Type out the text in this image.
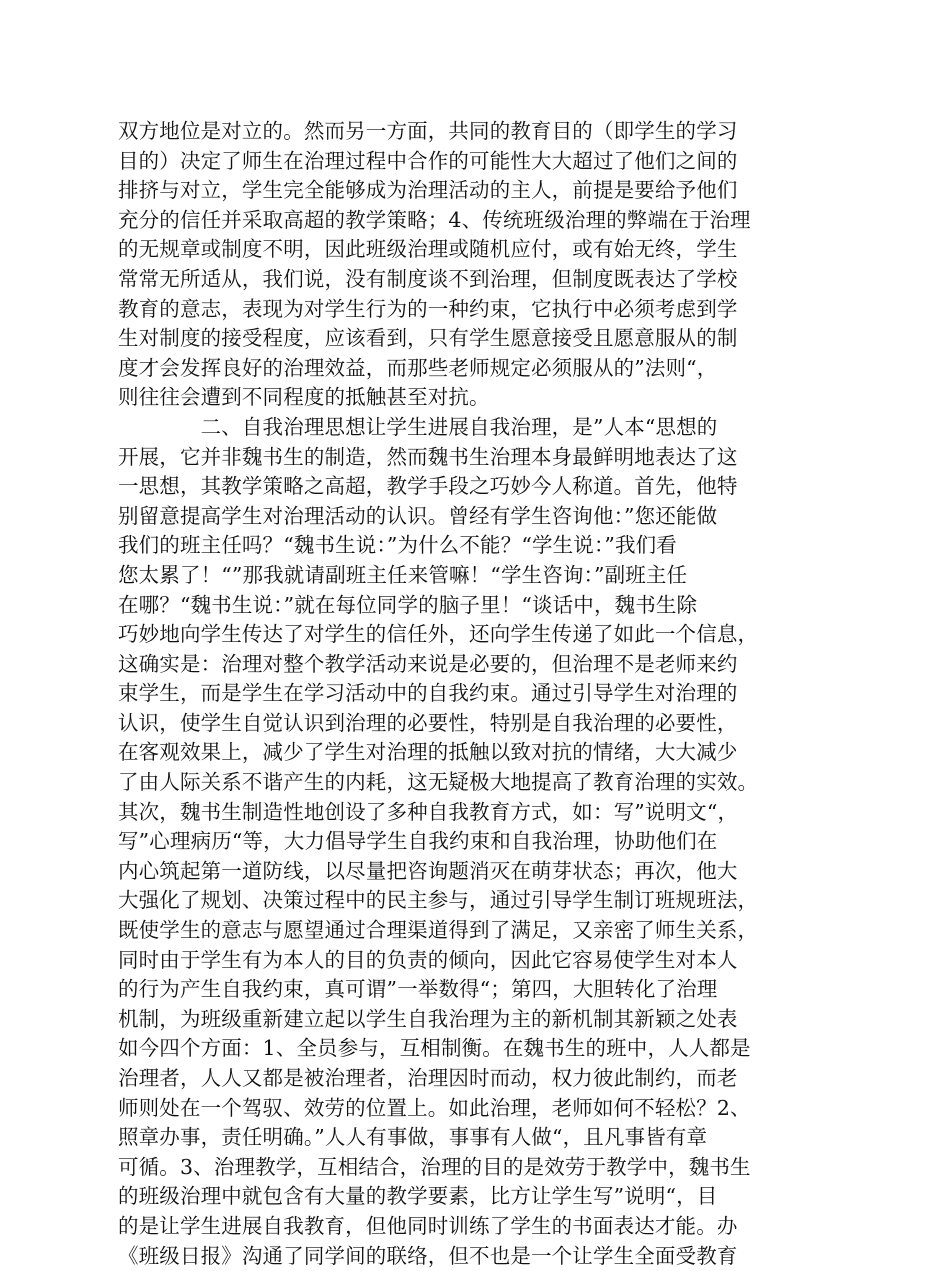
双方地位是对立的。然而另一方面，共同的教育目的（即学生的学习
目的）决定了师生在治理过程中合作的可能性大大超过了他们之间的
排挤与对立，学生完全能够成为治理活动的主人，前提是要给予他们
充分的信任并采取高超的教学策略；4、传统班级治理的弊端在于治理
的无规章或制度不明，因此班级治理或随机应付，或有始无终，学生
常常无所适从，我们说，没有制度谈不到治理，但制度既表达了学校
教育的意志，表现为对学生行为的一种约束，它执行中必须考虑到学
生对制度的接受程度，应该看到，只有学生愿意接受且愿意服从的制
度才会发挥良好的治理效益，而那些老师规定必须服从的”法则“，
则往往会遭到不同程度的抵触甚至对抗。
　　　　二、自我治理思想让学生进展自我治理，是”人本“思想的
开展，它并非魏书生的制造，然而魏书生治理本身最鲜明地表达了这
一思想，其教学策略之高超，教学手段之巧妙今人称道。首先，他特
别留意提高学生对治理活动的认识。曾经有学生咨询他：”您还能做
我们的班主任吗？“魏书生说：”为什么不能？“学生说：”我们看
您太累了！“”那我就请副班主任来管嘛！“学生咨询：”副班主任
在哪？“魏书生说：”就在每位同学的脑子里！“谈话中，魏书生除
巧妙地向学生传达了对学生的信任外，还向学生传递了如此一个信息，
这确实是：治理对整个教学活动来说是必要的，但治理不是老师来约
束学生，而是学生在学习活动中的自我约束。通过引导学生对治理的
认识，使学生自觉认识到治理的必要性，特别是自我治理的必要性，
在客观效果上，减少了学生对治理的抵触以致对抗的情绪，大大减少
了由人际关系不谐产生的内耗，这无疑极大地提高了教育治理的实效。
其次，魏书生制造性地创设了多种自我教育方式，如：写”说明文“，
写”心理病历“等，大力倡导学生自我约束和自我治理，协助他们在
内心筑起第一道防线，以尽量把咨询题消灭在萌芽状态；再次，他大
大强化了规划、决策过程中的民主参与，通过引导学生制订班规班法，
既使学生的意志与愿望通过合理渠道得到了满足，又亲密了师生关系，
同时由于学生有为本人的目的负责的倾向，因此它容易使学生对本人
的行为产生自我约束，真可谓”一举数得“；第四，大胆转化了治理
机制，为班级重新建立起以学生自我治理为主的新机制其新颖之处表
如今四个方面：1、全员参与，互相制衡。在魏书生的班中，人人都是
治理者，人人又都是被治理者，治理因时而动，权力彼此制约，而老
师则处在一个驾驭、效劳的位置上。如此治理，老师如何不轻松？2、
照章办事，责任明确。”人人有事做，事事有人做“，且凡事皆有章
可循。3、治理教学，互相结合，治理的目的是效劳于教学中，魏书生
的班级治理中就包含有大量的教学要素，比方让学生写”说明“，目
的是让学生进展自我教育，但他同时训练了学生的书面表达才能。办
《班级日报》沟通了同学间的联络，但不也是一个让学生全面受教育
